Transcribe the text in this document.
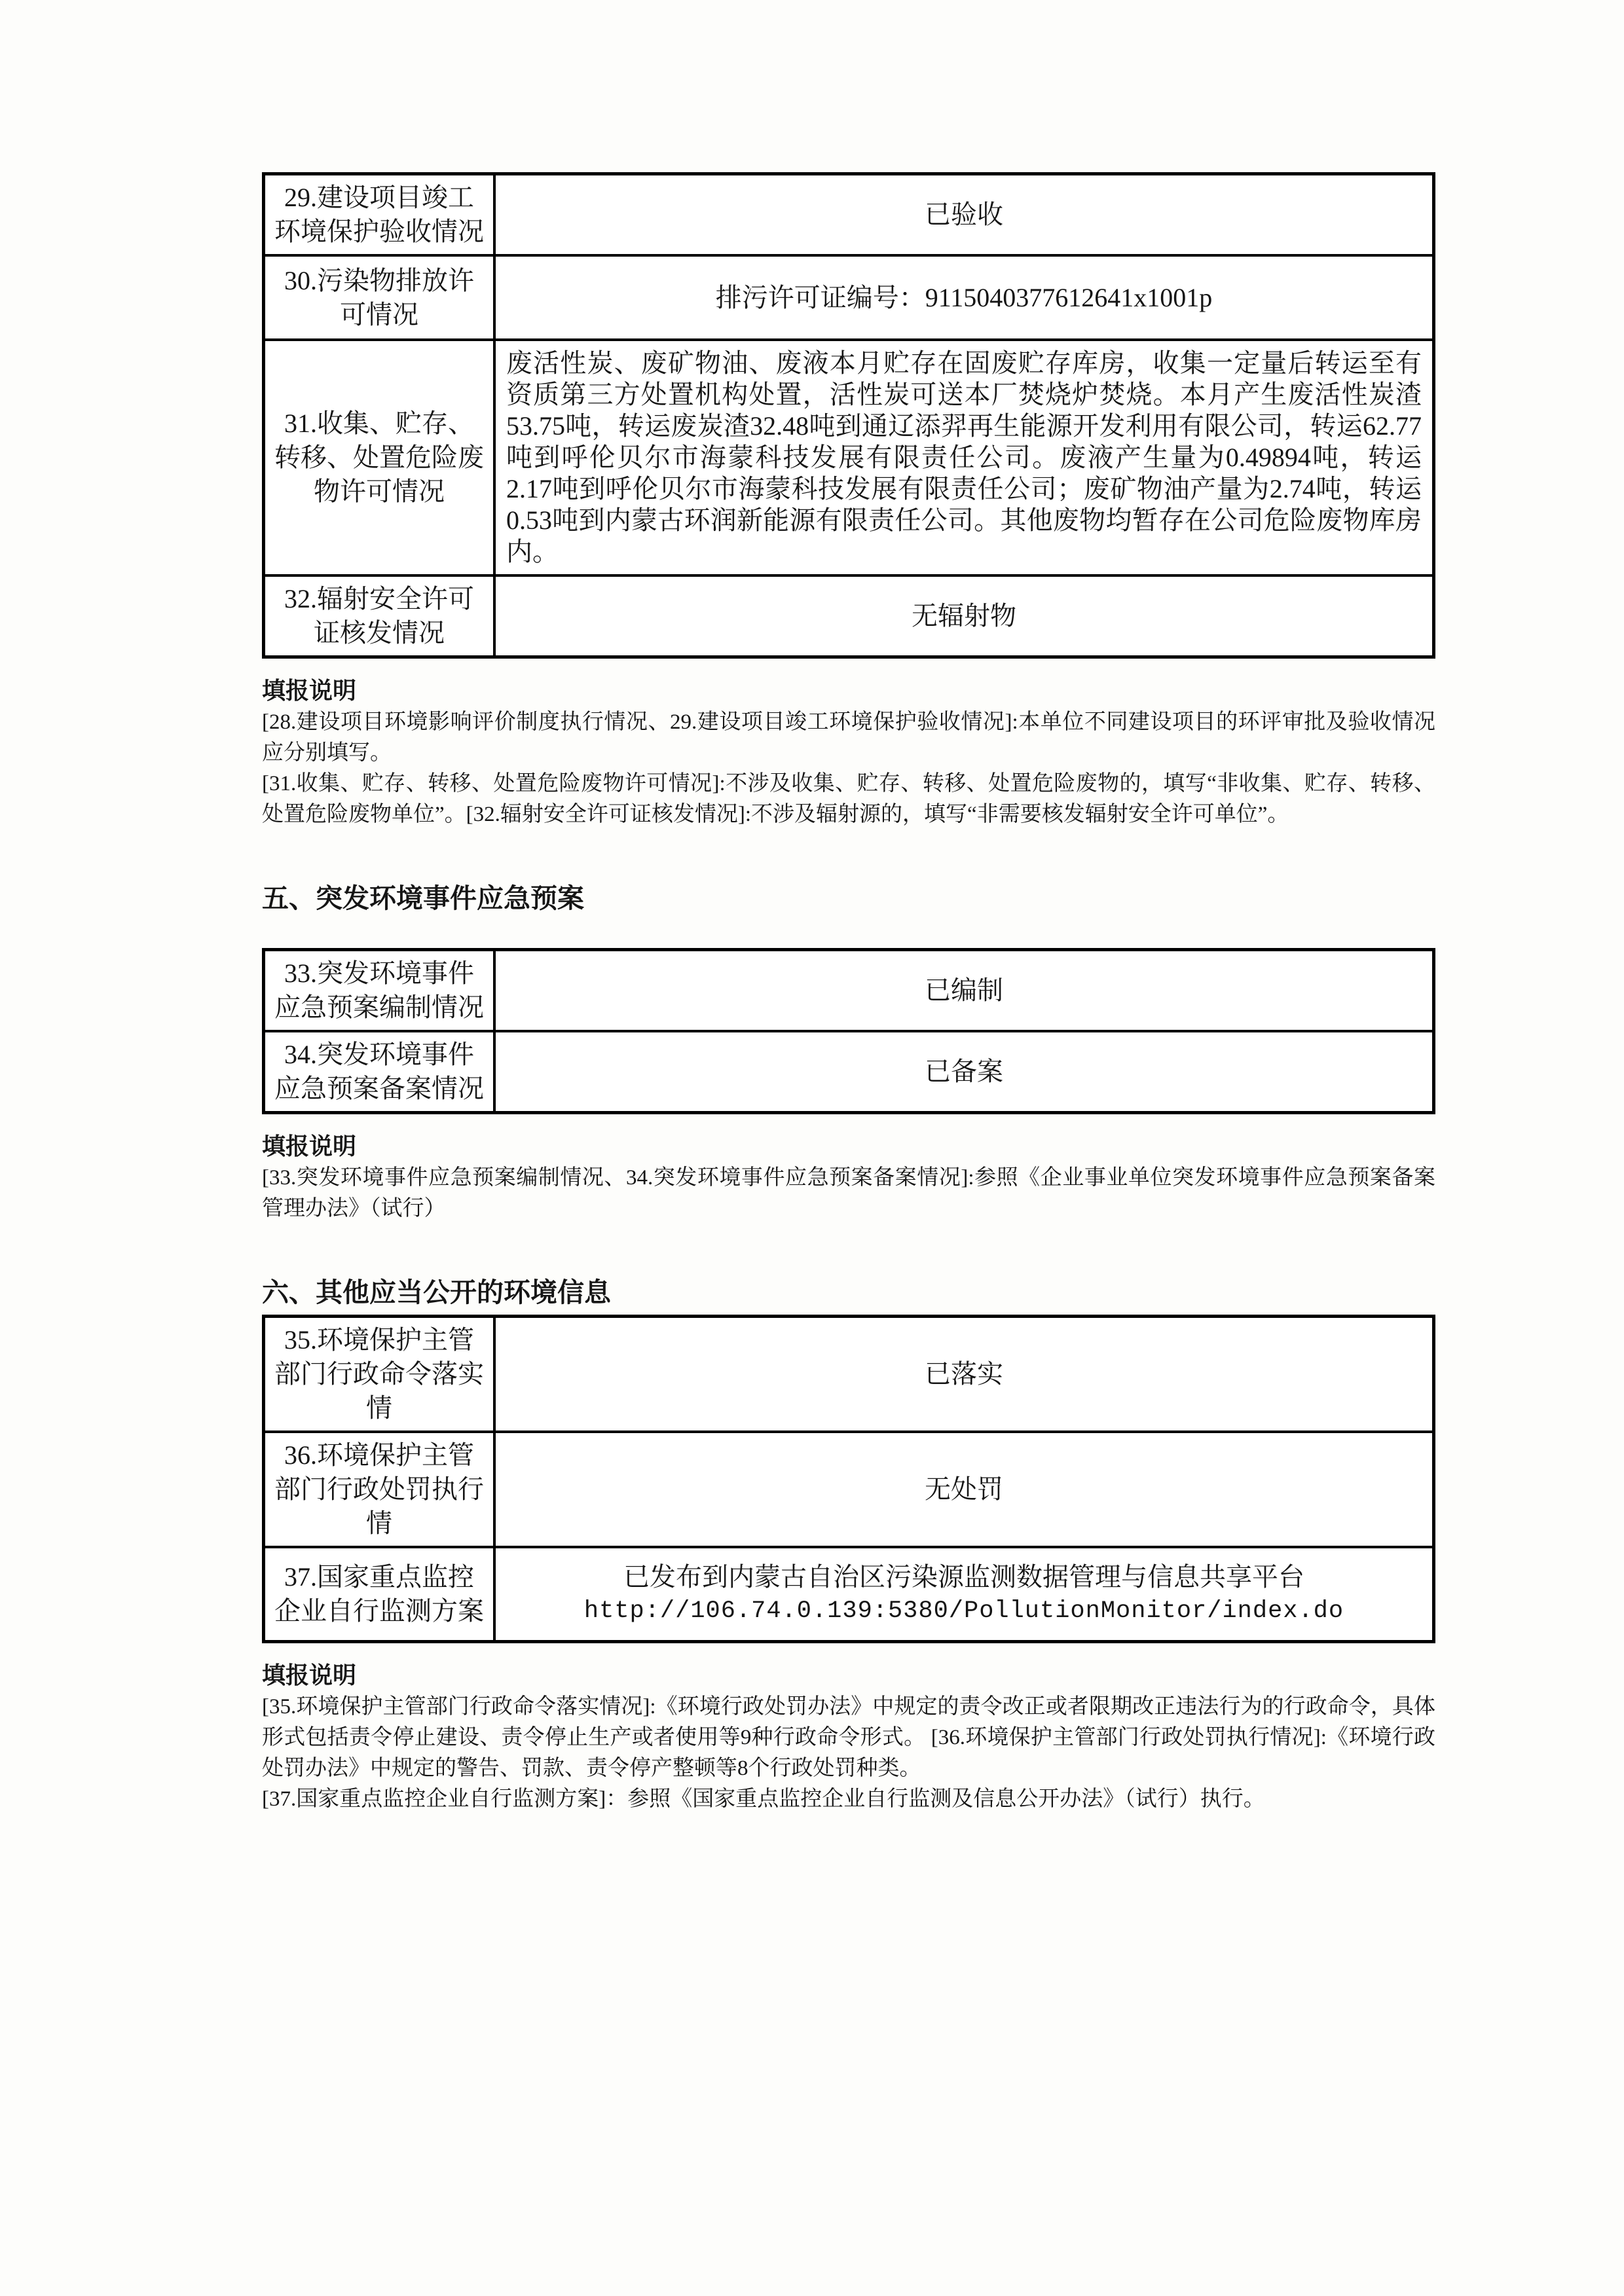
29.建设项目竣工环境保护验收情况
已验收
30.污染物排放许可情况
排污许可证编号：9115040377612641x1001p
31.收集、贮存、转移、处置危险废物许可情况
废活性炭、废矿物油、废液本月贮存在固废贮存库房，收集一定量后转运至有资质第三方处置机构处置，活性炭可送本厂焚烧炉焚烧。本月产生废活性炭渣53.75吨，转运废炭渣32.48吨到通辽添羿再生能源开发利用有限公司，转运62.77吨到呼伦贝尔市海蒙科技发展有限责任公司。废液产生量为0.49894吨，转运2.17吨到呼伦贝尔市海蒙科技发展有限责任公司；废矿物油产量为2.74吨，转运0.53吨到内蒙古环润新能源有限责任公司。其他废物均暂存在公司危险废物库房内。
32.辐射安全许可证核发情况
无辐射物
填报说明

[28.建设项目环境影响评价制度执行情况、29.建设项目竣工环境保护验收情况]:本单位不同建设项目的环评审批及验收情况应分别填写。

[31.收集、贮存、转移、处置危险废物许可情况]:不涉及收集、贮存、转移、处置危险废物的，填写“非收集、贮存、转移、处置危险废物单位”。[32.辐射安全许可证核发情况]:不涉及辐射源的，填写“非需要核发辐射安全许可单位”。

五、突发环境事件应急预案
33.突发环境事件应急预案编制情况
已编制
34.突发环境事件应急预案备案情况
已备案
填报说明

[33.突发环境事件应急预案编制情况、34.突发环境事件应急预案备案情况]:参照《企业事业单位突发环境事件应急预案备案管理办法》（试行）

六、其他应当公开的环境信息
35.环境保护主管部门行政命令落实情
已落实
36.环境保护主管部门行政处罚执行情
无处罚
37.国家重点监控企业自行监测方案
已发布到内蒙古自治区污染源监测数据管理与信息共享平台
http://106.74.0.139:5380/PollutionMonitor/index.do
填报说明

[35.环境保护主管部门行政命令落实情况]:《环境行政处罚办法》中规定的责令改正或者限期改正违法行为的行政命令，具体形式包括责令停止建设、责令停止生产或者使用等9种行政命令形式。 [36.环境保护主管部门行政处罚执行情况]:《环境行政处罚办法》中规定的警告、罚款、责令停产整顿等8个行政处罚种类。

[37.国家重点监控企业自行监测方案]：参照《国家重点监控企业自行监测及信息公开办法》（试行）执行。
